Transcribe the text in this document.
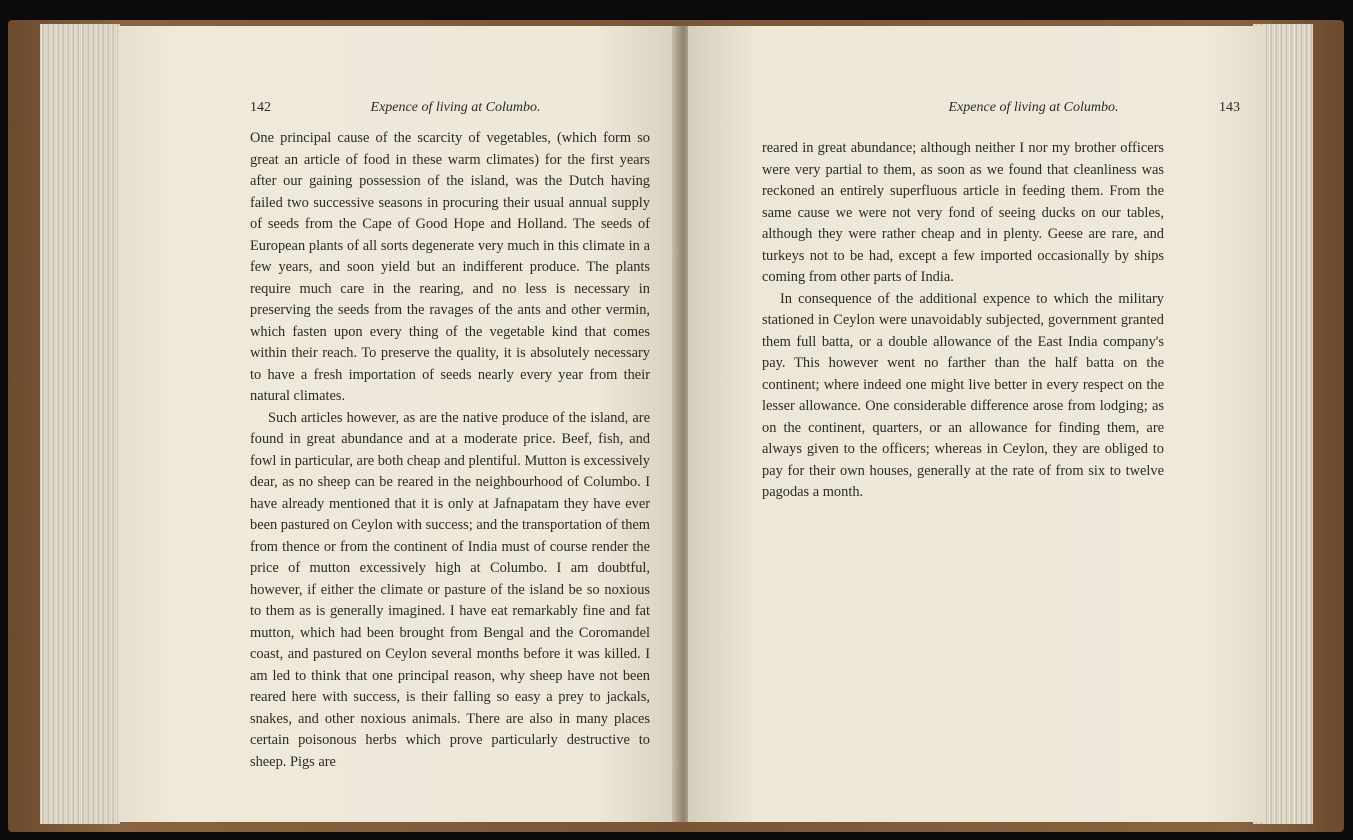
142	Expence of living at Columbo.

One principal cause of the scarcity of vegetables, (which form so great an article of food in these warm climates) for the first years after our gaining possession of the island, was the Dutch having failed two successive seasons in procuring their usual annual supply of seeds from the Cape of Good Hope and Holland. The seeds of European plants of all sorts degenerate very much in this climate in a few years, and soon yield but an indifferent produce. The plants require much care in the rearing, and no less is necessary in preserving the seeds from the ravages of the ants and other vermin, which fasten upon every thing of the vegetable kind that comes within their reach. To preserve the quality, it is absolutely necessary to have a fresh importation of seeds nearly every year from their natural climates.

Such articles however, as are the native produce of the island, are found in great abundance and at a moderate price. Beef, fish, and fowl in particular, are both cheap and plentiful. Mutton is excessively dear, as no sheep can be reared in the neighbourhood of Columbo. I have already mentioned that it is only at Jafnapatam they have ever been pastured on Ceylon with success; and the transportation of them from thence or from the continent of India must of course render the price of mutton excessively high at Columbo. I am doubtful, however, if either the climate or pasture of the island be so noxious to them as is generally imagined. I have eat remarkably fine and fat mutton, which had been brought from Bengal and the Coromandel coast, and pastured on Ceylon several months before it was killed. I am led to think that one principal reason, why sheep have not been reared here with success, is their falling so easy a prey to jackals, snakes, and other noxious animals. There are also in many places certain poisonous herbs which prove particularly destructive to sheep. Pigs are

Expence of living at Columbo.	143

reared in great abundance; although neither I nor my brother officers were very partial to them, as soon as we found that cleanliness was reckoned an entirely superfluous article in feeding them. From the same cause we were not very fond of seeing ducks on our tables, although they were rather cheap and in plenty. Geese are rare, and turkeys not to be had, except a few imported occasionally by ships coming from other parts of India.

In consequence of the additional expence to which the military stationed in Ceylon were unavoidably subjected, government granted them full batta, or a double allowance of the East India company's pay. This however went no farther than the half batta on the continent; where indeed one might live better in every respect on the lesser allowance. One considerable difference arose from lodging; as on the continent, quarters, or an allowance for finding them, are always given to the officers; whereas in Ceylon, they are obliged to pay for their own houses, generally at the rate of from six to twelve pagodas a month.
